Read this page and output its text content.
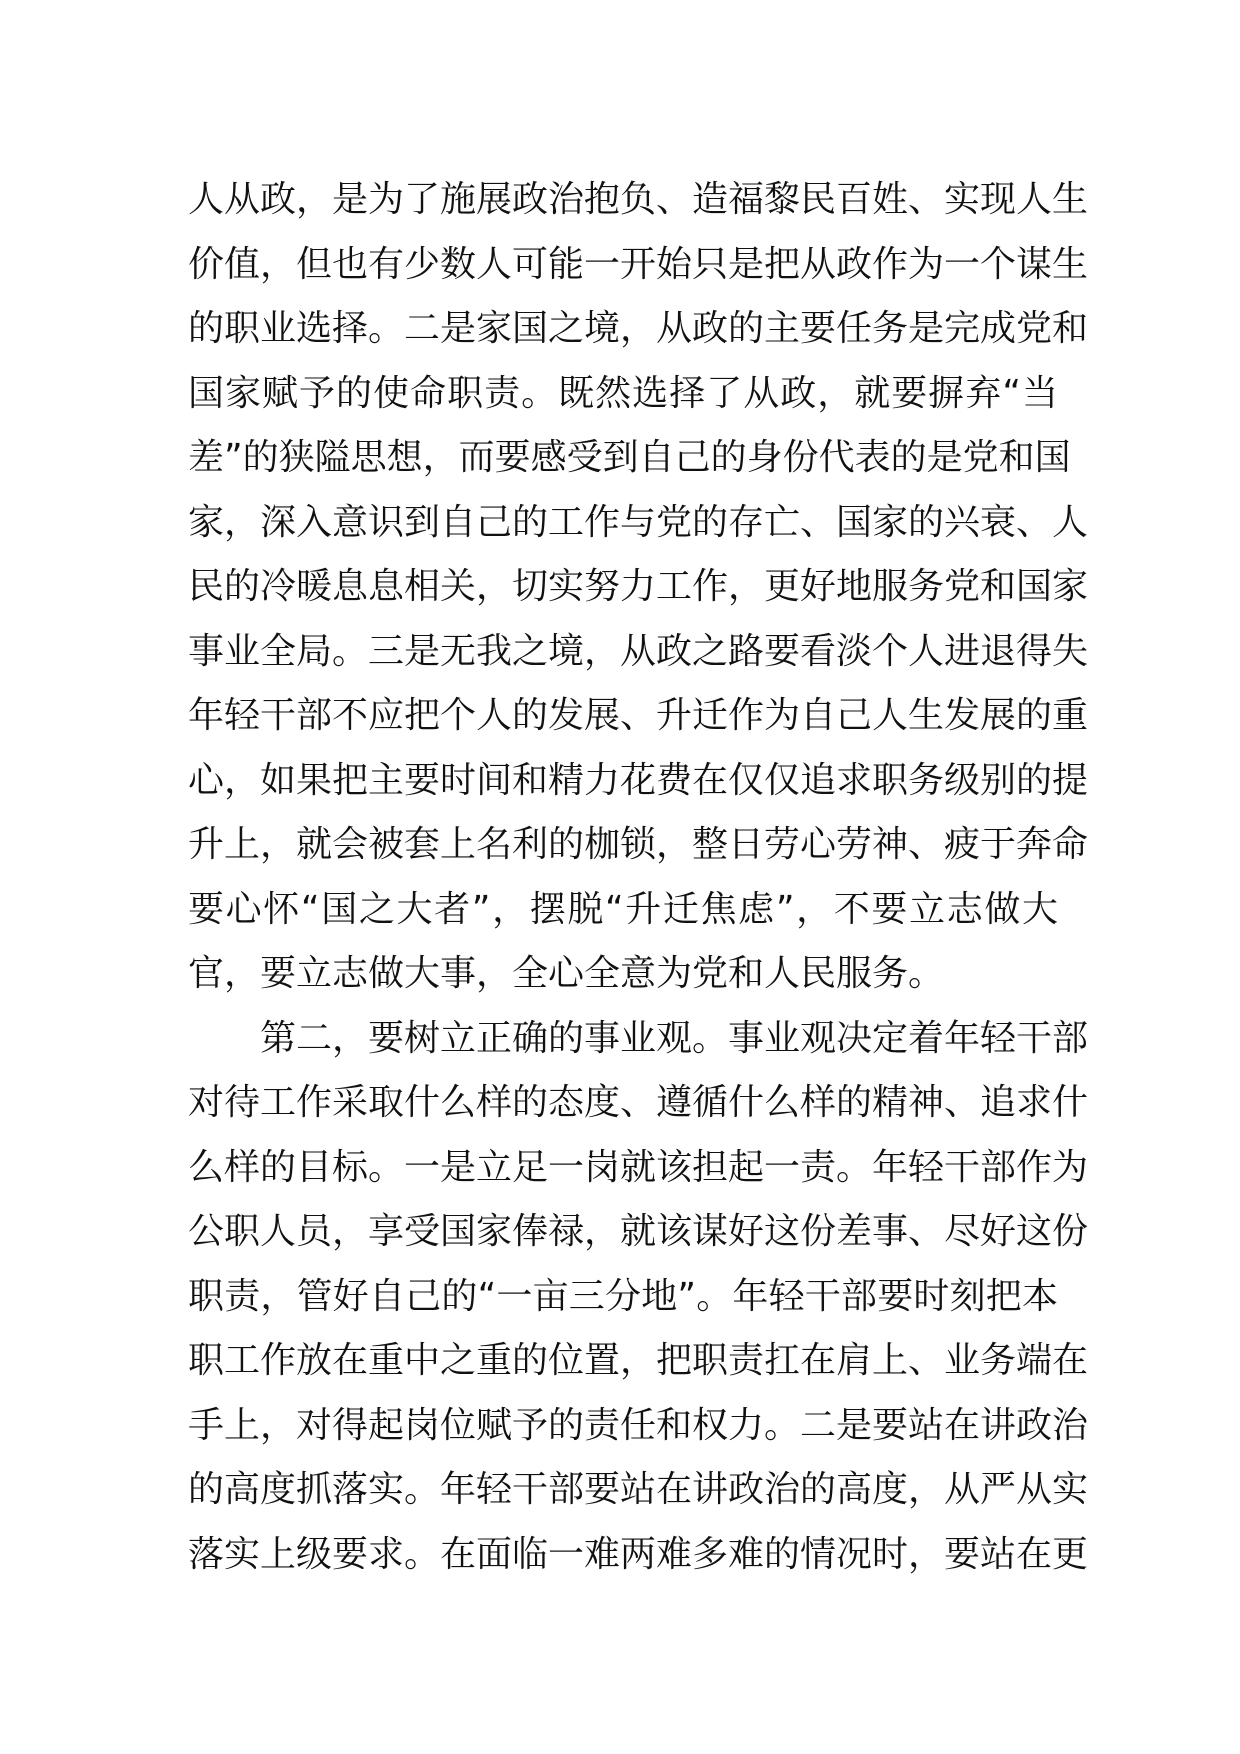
人从政，是为了施展政治抱负、造福黎民百姓、实现人生
价值，但也有少数人可能一开始只是把从政作为一个谋生
的职业选择。二是家国之境，从政的主要任务是完成党和
国家赋予的使命职责。既然选择了从政，就要摒弃“当
差”的狭隘思想，而要感受到自己的身份代表的是党和国
家，深入意识到自己的工作与党的存亡、国家的兴衰、人
民的冷暖息息相关，切实努力工作，更好地服务党和国家
事业全局。三是无我之境，从政之路要看淡个人进退得失
年轻干部不应把个人的发展、升迁作为自己人生发展的重
心，如果把主要时间和精力花费在仅仅追求职务级别的提
升上，就会被套上名利的枷锁，整日劳心劳神、疲于奔命
要心怀“国之大者”，摆脱“升迁焦虑”，不要立志做大
官，要立志做大事，全心全意为党和人民服务。
第二，要树立正确的事业观。事业观决定着年轻干部
对待工作采取什么样的态度、遵循什么样的精神、追求什
么样的目标。一是立足一岗就该担起一责。年轻干部作为
公职人员，享受国家俸禄，就该谋好这份差事、尽好这份
职责，管好自己的“一亩三分地”。年轻干部要时刻把本
职工作放在重中之重的位置，把职责扛在肩上、业务端在
手上，对得起岗位赋予的责任和权力。二是要站在讲政治
的高度抓落实。年轻干部要站在讲政治的高度，从严从实
落实上级要求。在面临一难两难多难的情况时，要站在更
